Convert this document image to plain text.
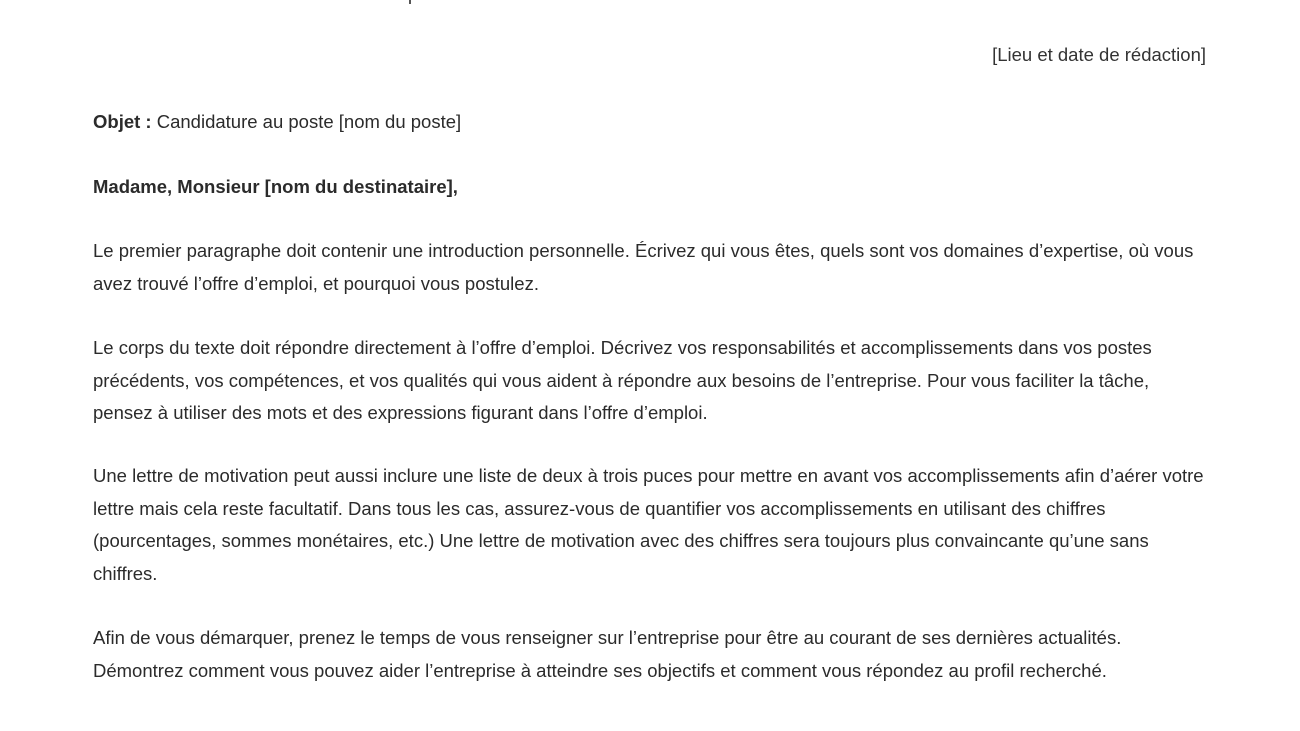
[Lieu et date de rédaction]

Objet : Candidature au poste [nom du poste]

Madame, Monsieur [nom du destinataire],

Le premier paragraphe doit contenir une introduction personnelle. Écrivez qui vous êtes, quels sont vos domaines d’expertise, où vous avez trouvé l’offre d’emploi, et pourquoi vous postulez.

Le corps du texte doit répondre directement à l’offre d’emploi. Décrivez vos responsabilités et accomplissements dans vos postes précédents, vos compétences, et vos qualités qui vous aident à répondre aux besoins de l’entreprise. Pour vous faciliter la tâche, pensez à utiliser des mots et des expressions figurant dans l’offre d’emploi.

Une lettre de motivation peut aussi inclure une liste de deux à trois puces pour mettre en avant vos accomplissements afin d’aérer votre lettre mais cela reste facultatif. Dans tous les cas, assurez-vous de quantifier vos accomplissements en utilisant des chiffres (pourcentages, sommes monétaires, etc.) Une lettre de motivation avec des chiffres sera toujours plus convaincante qu’une sans chiffres.

Afin de vous démarquer, prenez le temps de vous renseigner sur l’entreprise pour être au courant de ses dernières actualités. Démontrez comment vous pouvez aider l’entreprise à atteindre ses objectifs et comment vous répondez au profil recherché.
